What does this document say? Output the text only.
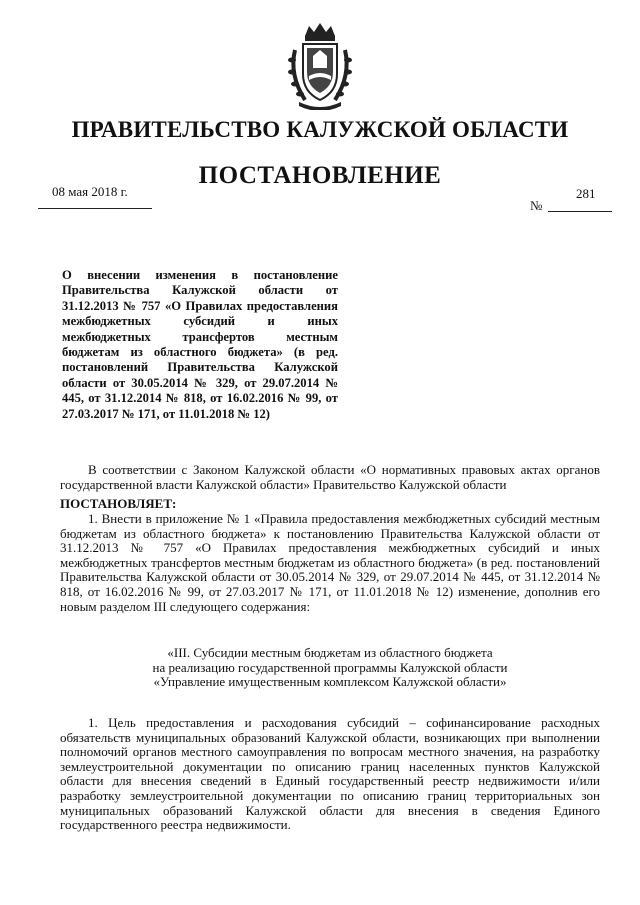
ПРАВИТЕЛЬСТВО КАЛУЖСКОЙ ОБЛАСТИ
ПОСТАНОВЛЕНИЕ
08 мая 2018 г.	281
№
О внесении изменения в постановление Правительства Калужской области от 31.12.2013 № 757 «О Правилах предоставления межбюджетных субсидий и иных межбюджетных трансфертов местным бюджетам из областного бюджета» (в ред. постановлений Правительства Калужской области от 30.05.2014 № 329, от 29.07.2014 № 445, от 31.12.2014 № 818, от 16.02.2016 № 99, от 27.03.2017 № 171, от 11.01.2018 № 12)
В соответствии с Законом Калужской области «О нормативных правовых актах органов государственной власти Калужской области» Правительство Калужской области
ПОСТАНОВЛЯЕТ:
1. Внести в приложение № 1 «Правила предоставления межбюджетных субсидий местным бюджетам из областного бюджета» к постановлению Правительства Калужской области от 31.12.2013 № 757 «О Правилах предоставления межбюджетных субсидий и иных межбюджетных трансфертов местным бюджетам из областного бюджета» (в ред. постановлений Правительства Калужской области от 30.05.2014 № 329, от 29.07.2014 № 445, от 31.12.2014 № 818, от 16.02.2016 № 99, от 27.03.2017 № 171, от 11.01.2018 № 12) изменение, дополнив его новым разделом III следующего содержания:
«III. Субсидии местным бюджетам из областного бюджета
на реализацию государственной программы Калужской области
«Управление имущественным комплексом Калужской области»
1. Цель предоставления и расходования субсидий – софинансирование расходных обязательств муниципальных образований Калужской области, возникающих при выполнении полномочий органов местного самоуправления по вопросам местного значения, на разработку землеустроительной документации по описанию границ населенных пунктов Калужской области для внесения сведений в Единый государственный реестр недвижимости и/или разработку землеустроительной документации по описанию границ территориальных зон муниципальных образований Калужской области для внесения в сведения Единого государственного реестра недвижимости.
